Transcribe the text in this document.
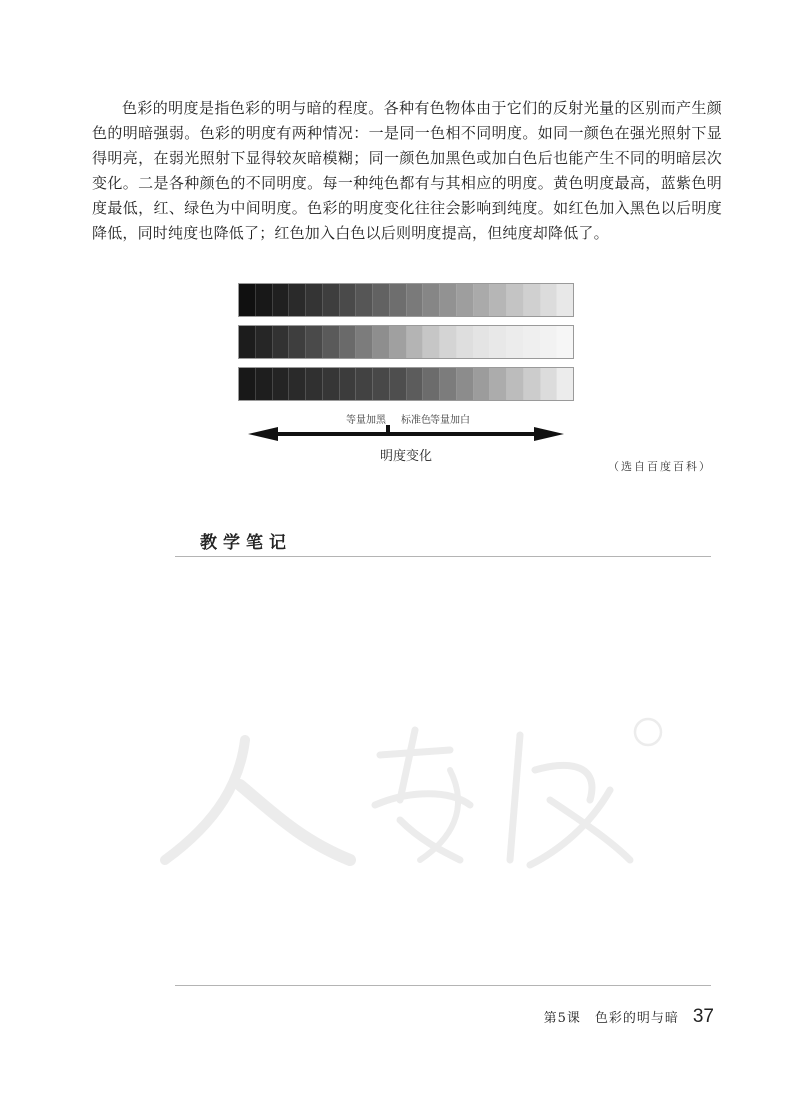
色彩的明度是指色彩的明与暗的程度。各种有色物体由于它们的反射光量的区别而产生颜色的明暗强弱。色彩的明度有两种情况：一是同一色相不同明度。如同一颜色在强光照射下显得明亮，在弱光照射下显得较灰暗模糊；同一颜色加黑色或加白色后也能产生不同的明暗层次变化。二是各种颜色的不同明度。每一种纯色都有与其相应的明度。黄色明度最高，蓝紫色明度最低，红、绿色为中间明度。色彩的明度变化往往会影响到纯度。如红色加入黑色以后明度降低，同时纯度也降低了；红色加入白色以后则明度提高，但纯度却降低了。

等量加黑 标准色 等量加白
明度变化
（选自百度百科）
教学笔记
第5课　色彩的明与暗 37
